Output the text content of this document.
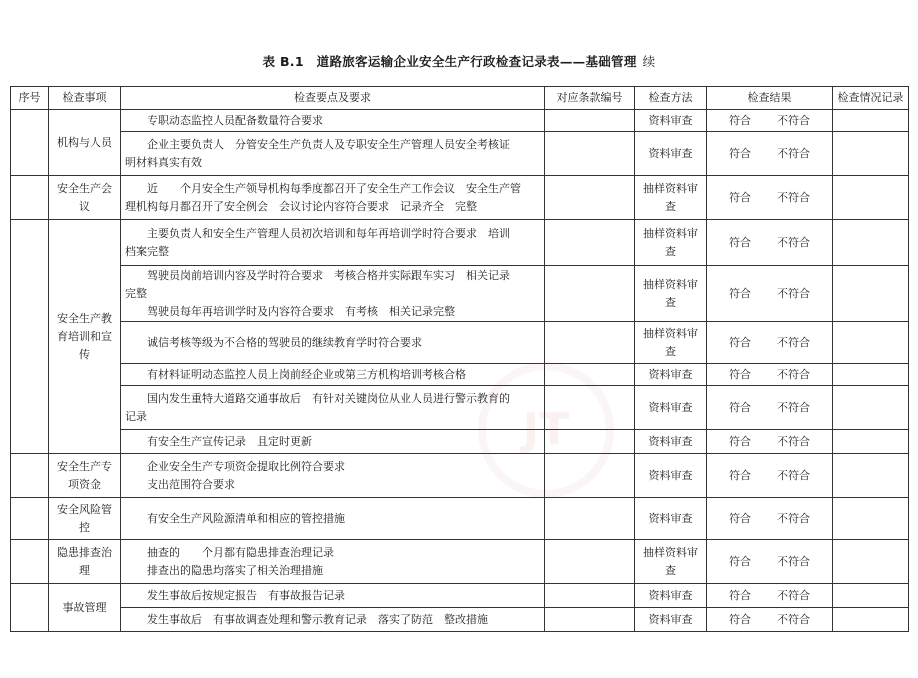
表 B.1　道路旅客运输企业安全生产行政检查记录表——基础管理 续
序号	检查事项	检查要点及要求	对应条款编号	检查方法	检查结果	检查情况记录
	机构与人员	　　专职动态监控人员配备数量符合要求		资料审查	符合 不符合	

		　　企业主要负责人　分管安全生产负责人及专职安全生产管理人员安全考核证
明材料真实有效		资料审查	符合 不符合	
	安全生产会议	　　近　　个月安全生产领导机构每季度都召开了安全生产工作会议　安全生产管
理机构每月都召开了安全例会　会议讨论内容符合要求　记录齐全　完整		抽样资料审查	符合 不符合	
	安全生产教育培训和宣传	　　主要负责人和安全生产管理人员初次培训和每年再培训学时符合要求　培训
档案完整		抽样资料审查	符合 不符合	

		　　驾驶员岗前培训内容及学时符合要求　考核合格并实际跟车实习　相关记录
完整
　　驾驶员每年再培训学时及内容符合要求　有考核　相关记录完整		抽样资料审查	符合 不符合	

		　　诚信考核等级为不合格的驾驶员的继续教育学时符合要求		抽样资料审查	符合 不符合	

		　　有材料证明动态监控人员上岗前经企业或第三方机构培训考核合格		资料审查	符合 不符合	

		　　国内发生重特大道路交通事故后　有针对关键岗位从业人员进行警示教育的
记录		资料审查	符合 不符合	

		　　有安全生产宣传记录　且定时更新		资料审查	符合 不符合	
	安全生产专项资金	　　企业安全生产专项资金提取比例符合要求
　　支出范围符合要求		资料审查	符合 不符合	
	安全风险管控	　　有安全生产风险源清单和相应的管控措施		资料审查	符合 不符合	
	隐患排查治理	　　抽查的　　个月都有隐患排查治理记录
　　排查出的隐患均落实了相关治理措施		抽样资料审查	符合 不符合	
	事故管理	　　发生事故后按规定报告　有事故报告记录		资料审查	符合 不符合	

		　　发生事故后　有事故调查处理和警示教育记录　落实了防范　整改措施		资料审查	符合 不符合	
JT
